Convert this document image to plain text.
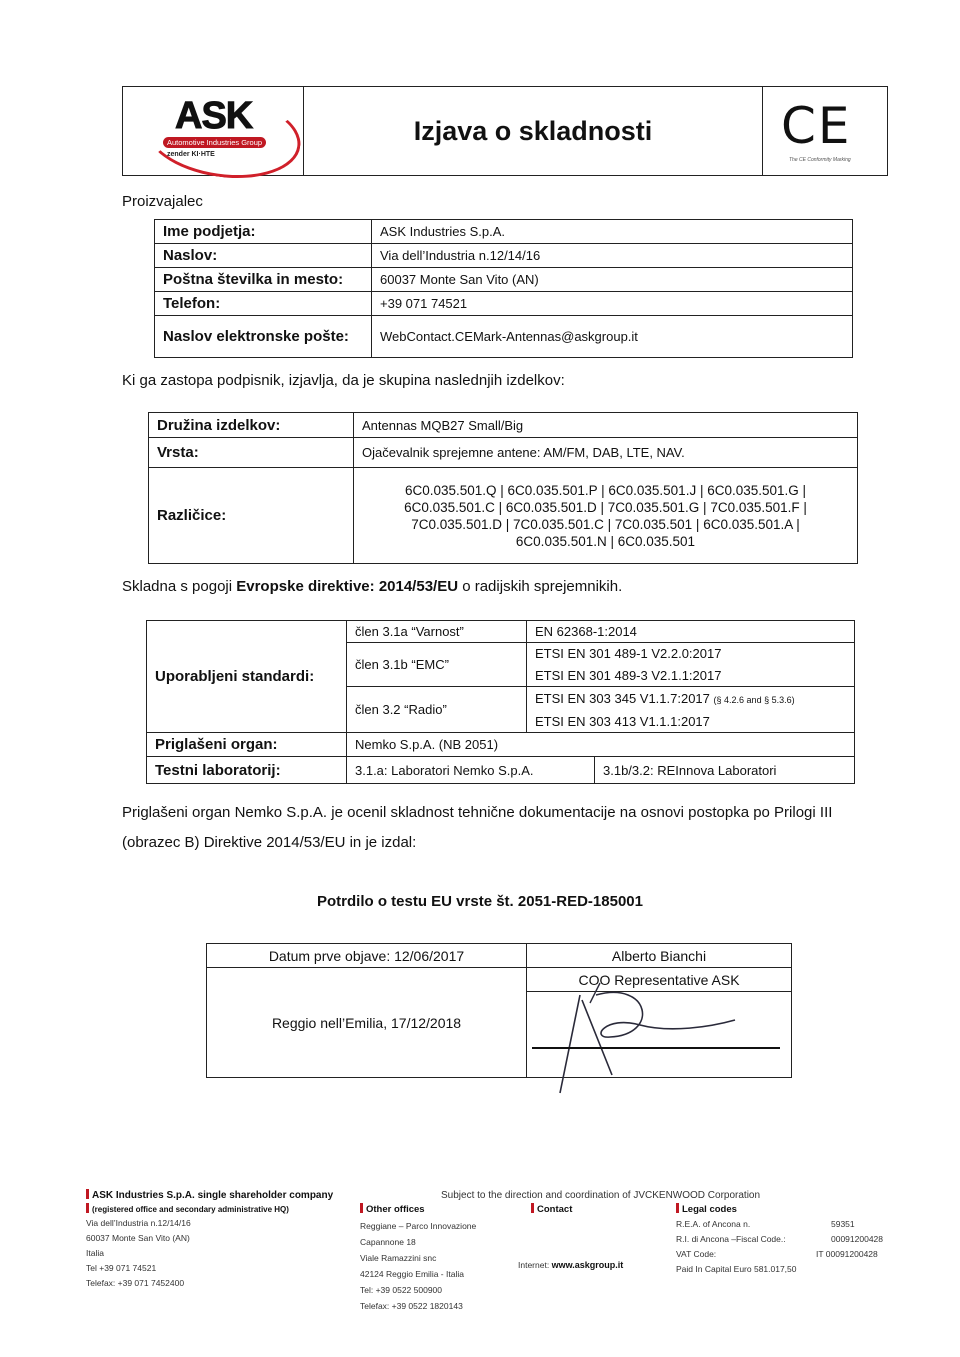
ASK
Automotive Industries Group
zender KI·HTE
Izjava o skladnosti	CE
The CE Conformity Marking
Proizvajalec
Ime podjetja:	ASK Industries S.p.A.
Naslov:	Via dell’Industria n.12/14/16
Poštna številka in mesto:	60037 Monte San Vito (AN)
Telefon:	+39 071 74521
Naslov elektronske pošte:	WebContact.CEMark-Antennas@askgroup.it
Ki ga zastopa podpisnik, izjavlja, da je skupina naslednjih izdelkov:
Družina izdelkov:	Antennas MQB27 Small/Big
Vrsta:	Ojačevalnik sprejemne antene: AM/FM, DAB, LTE, NAV.
Različice:	6C0.035.501.Q | 6C0.035.501.P | 6C0.035.501.J | 6C0.035.501.G |
6C0.035.501.C | 6C0.035.501.D | 7C0.035.501.G | 7C0.035.501.F |
7C0.035.501.D | 7C0.035.501.C | 7C0.035.501 | 6C0.035.501.A |
6C0.035.501.N | 6C0.035.501
Skladna s pogoji Evropske direktive: 2014/53/EU o radijskih sprejemnikih.
Uporabljeni standardi:	člen 3.1a “Varnost”	EN 62368-1:2014	
	člen 3.1b “EMC”	ETSI EN 301 489-1 V2.2.0:2017	
		ETSI EN 301 489-3 V2.1.1:2017	
	člen 3.2 “Radio”	ETSI EN 303 345 V1.1.7:2017 (§ 4.2.6 and § 5.3.6)	
		ETSI EN 303 413 V1.1.1:2017	
Priglašeni organ:	Nemko S.p.A. (NB 2051)		
Testni laboratorij:	3.1.a: Laboratori Nemko S.p.A.		3.1b/3.2: REInnova Laboratori
Priglašeni organ Nemko S.p.A. je ocenil skladnost tehnične dokumentacije na osnovi postopka po Prilogi III
(obrazec B) Direktive 2014/53/EU in je izdal:
Potrdilo o testu EU vrste št. 2051-RED-185001
Datum prve objave: 12/06/2017	Alberto Bianchi
Reggio nell’Emilia, 17/12/2018	COO Representative ASK

ASK Industries S.p.A. single shareholder company
(registered office and secondary administrative HQ)
Via dell’Industria n.12/14/16
60037 Monte San Vito (AN)
Italia
Tel +39 071 74521
Telefax: +39 071 7452400
Subject to the direction and coordination of JVCKENWOOD Corporation
Other offices
Reggiane – Parco Innovazione
Capannone 18
Viale Ramazzini snc
42124 Reggio Emilia - Italia
Tel: +39 0522 500900
Telefax: +39 0522 1820143
Contact
Internet: www.askgroup.it
Legal codes
R.E.A. of Ancona n.	59351
R.I. di Ancona –Fiscal Code.:	00091200428
VAT Code:	IT 00091200428
Paid In Capital Euro 581.017,50
